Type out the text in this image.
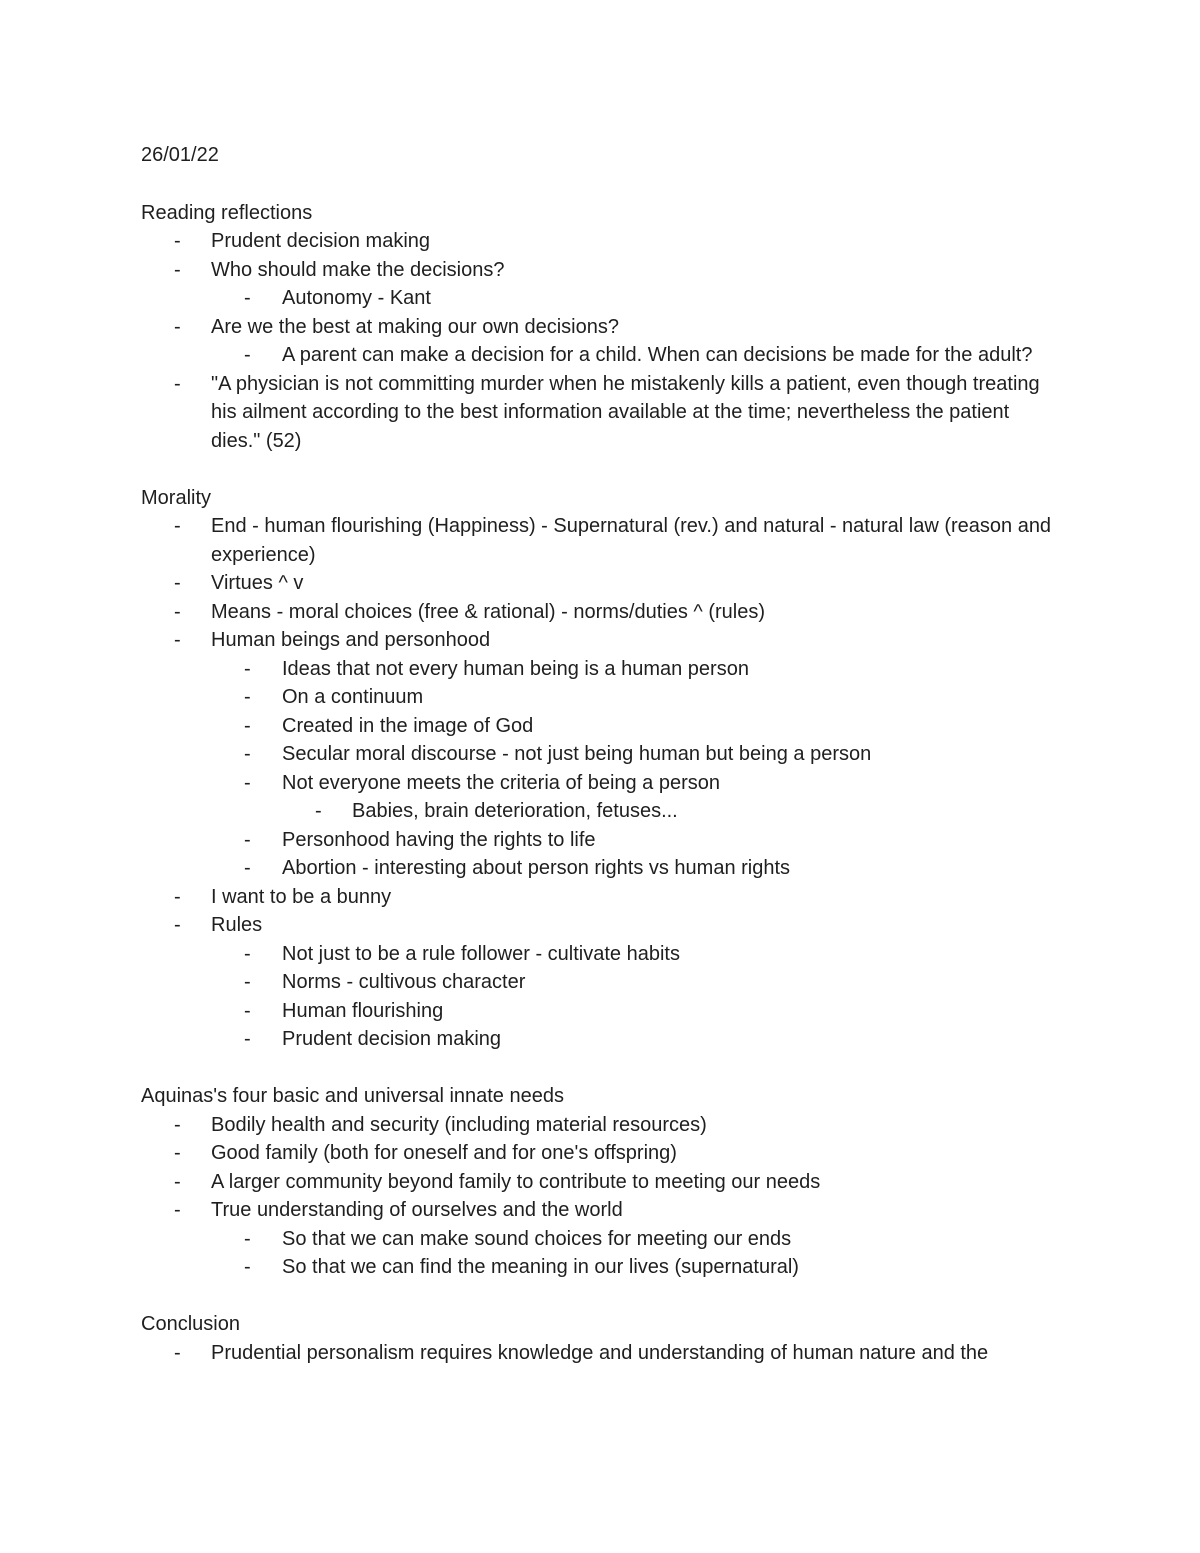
26/01/22
Reading reflections
- Prudent decision making
- Who should make the decisions?
- Autonomy - Kant
- Are we the best at making our own decisions?
- A parent can make a decision for a child. When can decisions be made for the adult?
- "A physician is not committing murder when he mistakenly kills a patient, even though treating his ailment according to the best information available at the time; nevertheless the patient dies." (52)
Morality
- End - human flourishing (Happiness) - Supernatural (rev.) and natural - natural law (reason and experience)
- Virtues ^ v
- Means - moral choices (free & rational) - norms/duties ^ (rules)
- Human beings and personhood
- Ideas that not every human being is a human person
- On a continuum
- Created in the image of God
- Secular moral discourse - not just being human but being a person
- Not everyone meets the criteria of being a person
- Babies, brain deterioration, fetuses...
- Personhood having the rights to life
- Abortion - interesting about person rights vs human rights
- I want to be a bunny
- Rules
- Not just to be a rule follower - cultivate habits
- Norms - cultivous character
- Human flourishing
- Prudent decision making
Aquinas's four basic and universal innate needs
- Bodily health and security (including material resources)
- Good family (both for oneself and for one's offspring)
- A larger community beyond family to contribute to meeting our needs
- True understanding of ourselves and the world
- So that we can make sound choices for meeting our ends
- So that we can find the meaning in our lives (supernatural)
Conclusion
- Prudential personalism requires knowledge and understanding of human nature and the
